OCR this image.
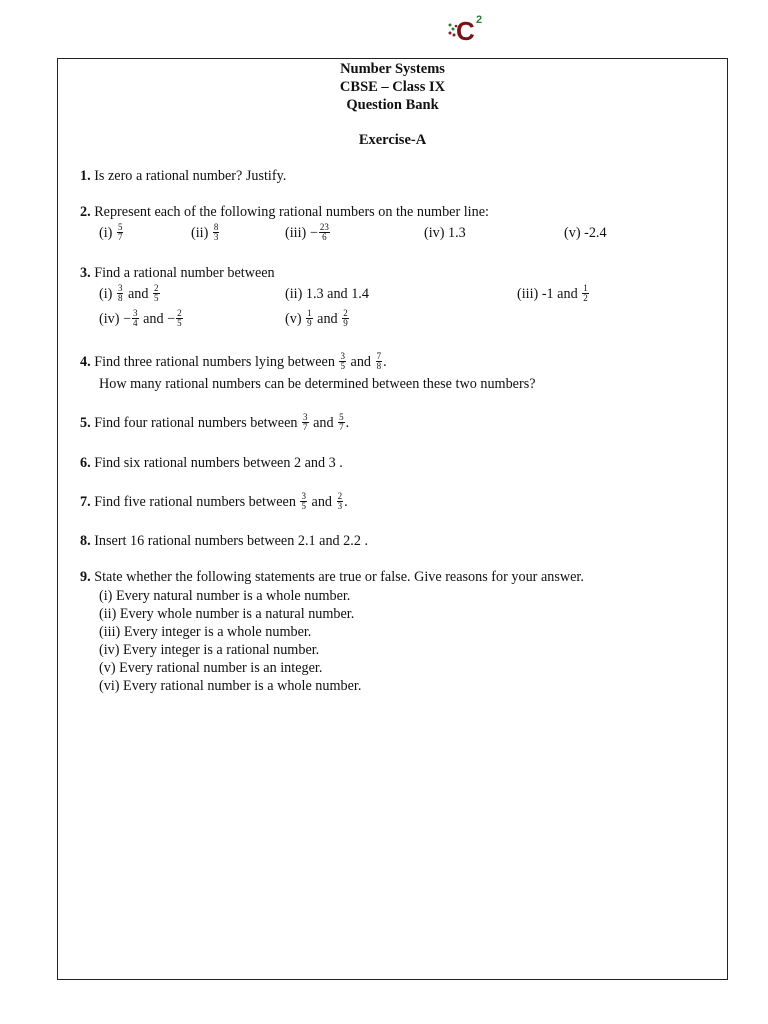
C 2
Number Systems
CBSE – Class IX
Question Bank
Exercise-A
1. Is zero a rational number? Justify.
2. Represent each of the following rational numbers on the number line:
$(i) \frac{5}{7}$	$(ii) \frac{8}{3}$	$(iii) - \frac{23}{6}$	(iv) 1.3	(v) -2.4
3. Find a rational number between
$(i) \frac{3}{8}$ and $\frac{2}{5}$	(ii) 1.3 and 1.4	(iii) -1 and $\frac{1}{2}$
$(iv) - \frac{3}{4}$ and − $\frac{2}{5}$	$(v) \frac{1}{9}$ and $\frac{2}{9}$
4. Find three rational numbers lying between $\frac{3}{5}$ and $\frac{7}{8}$ .
How many rational numbers can be determined between these two numbers?
5. Find four rational numbers between $\frac{3}{7}$ and $\frac{5}{7}$ .
6. Find six rational numbers between 2 and 3 .
7. Find five rational numbers between $\frac{3}{5}$ and $\frac{2}{3}$ .
8. Insert 16 rational numbers between 2.1 and 2.2 .
9. State whether the following statements are true or false. Give reasons for your answer.
(i) Every natural number is a whole number.
(ii) Every whole number is a natural number.
(iii) Every integer is a whole number.
(iv) Every integer is a rational number.
(v) Every rational number is an integer.
(vi) Every rational number is a whole number.
